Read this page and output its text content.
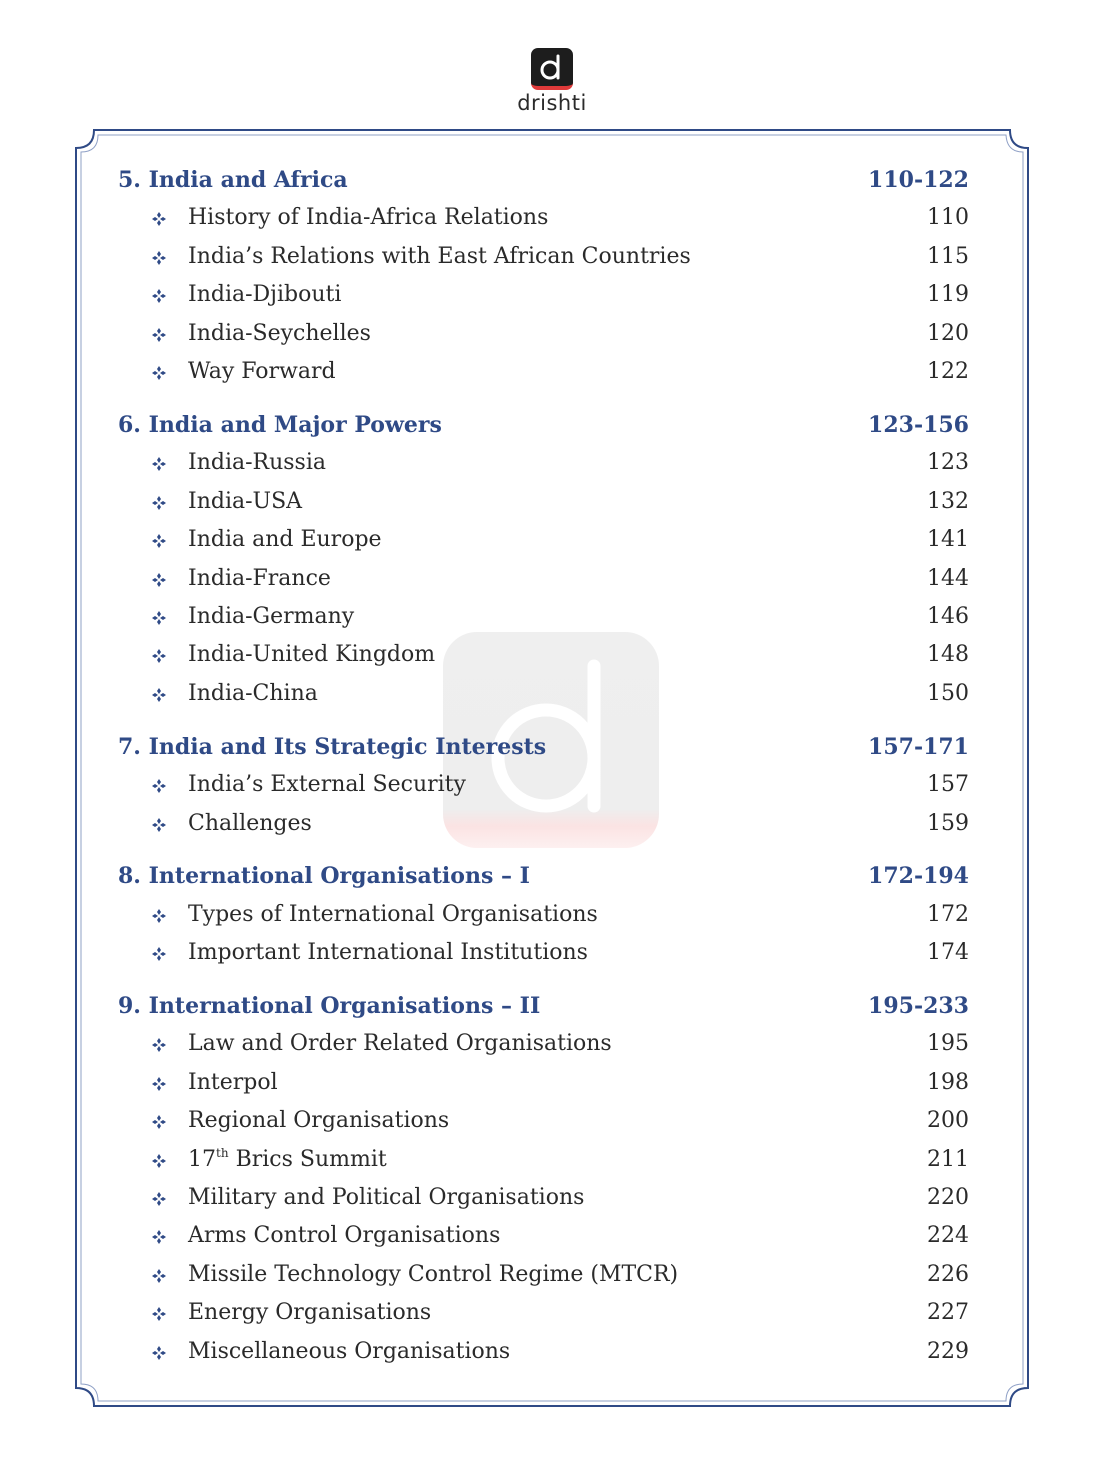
drishti
5. India and Africa	110-122
History of India-Africa Relations	110
India’s Relations with East African Countries	115
India-Djibouti	119
India-Seychelles	120
Way Forward	122
6. India and Major Powers	123-156
India-Russia	123
India-USA	132
India and Europe	141
India-France	144
India-Germany	146
India-United Kingdom	148
India-China	150
7. India and Its Strategic Interests	157-171
India’s External Security	157
Challenges	159
8. International Organisations – I	172-194
Types of International Organisations	172
Important International Institutions	174
9. International Organisations – II	195-233
Law and Order Related Organisations	195
Interpol	198
Regional Organisations	200
17th Brics Summit	211
Military and Political Organisations	220
Arms Control Organisations	224
Missile Technology Control Regime (MTCR)	226
Energy Organisations	227
Miscellaneous Organisations	229
